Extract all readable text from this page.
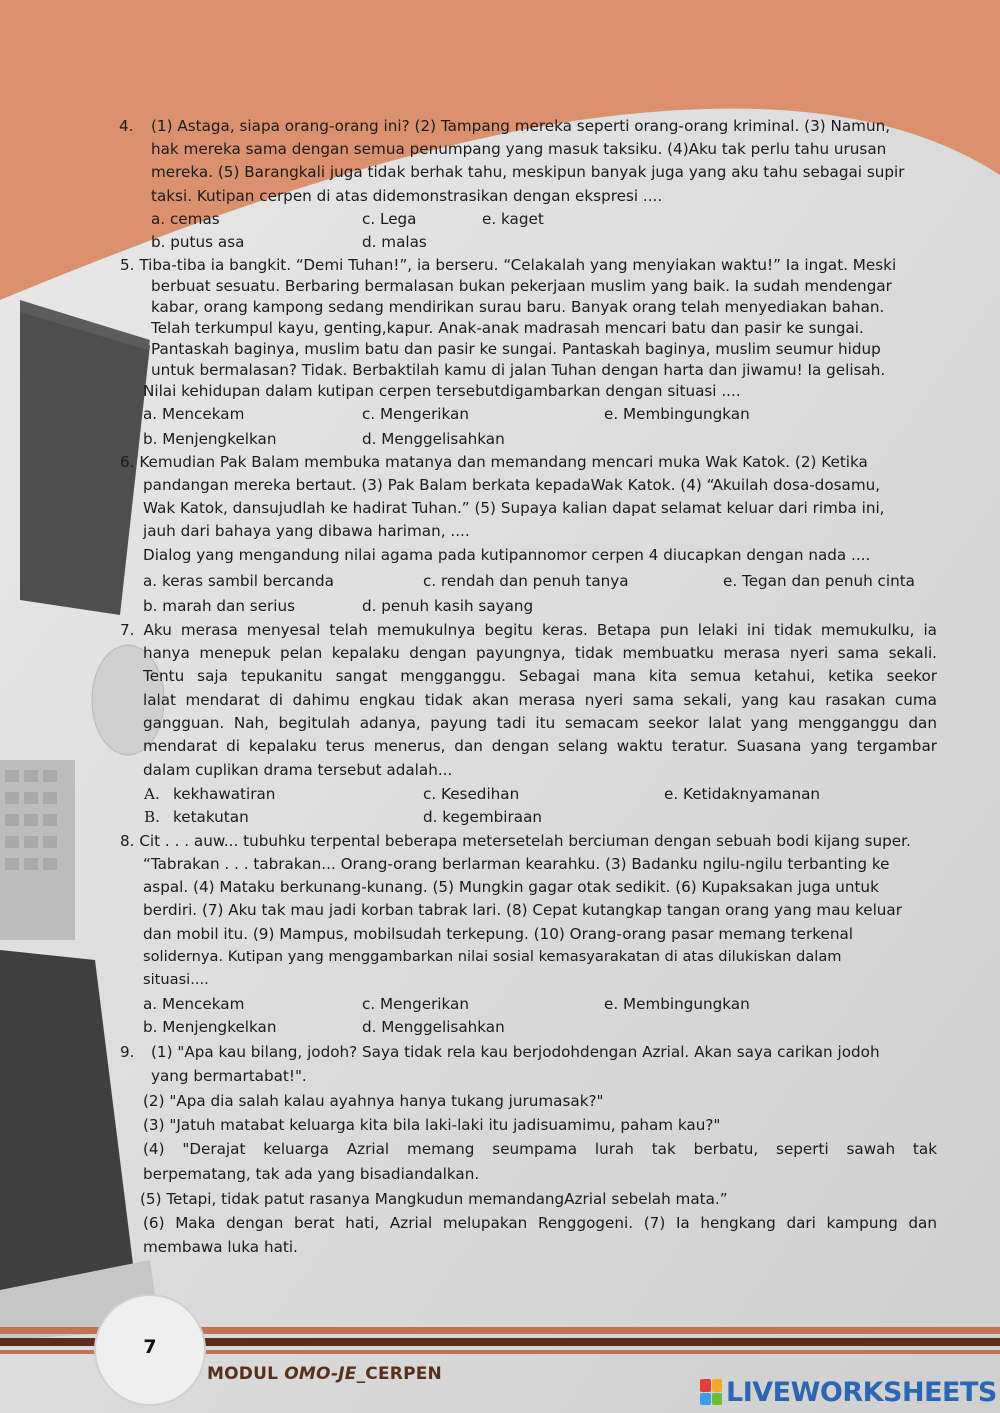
4. (1) Astaga, siapa orang-orang ini? (2) Tampang mereka seperti orang-orang kriminal. (3) Namun,
hak mereka sama dengan semua penumpang yang masuk taksiku. (4)Aku tak perlu tahu urusan
mereka. (5) Barangkali juga tidak berhak tahu, meskipun banyak juga yang aku tahu sebagai supir
taksi. Kutipan cerpen di atas didemonstrasikan dengan ekspresi ....
a. cemas	c. Lega	e. kaget
b. putus asa	d. malas
5. Tiba-tiba ia bangkit. “Demi Tuhan!”, ia berseru. “Celakalah yang menyiakan waktu!” Ia ingat. Meski
berbuat sesuatu. Berbaring bermalasan bukan pekerjaan muslim yang baik. Ia sudah mendengar
kabar, orang kampong sedang mendirikan surau baru. Banyak orang telah menyediakan bahan.
Telah terkumpul kayu, genting,kapur. Anak-anak madrasah mencari batu dan pasir ke sungai.
Pantaskah baginya, muslim batu dan pasir ke sungai. Pantaskah baginya, muslim seumur hidup
untuk bermalasan? Tidak. Berbaktilah kamu di jalan Tuhan dengan harta dan jiwamu! Ia gelisah.
Nilai kehidupan dalam kutipan cerpen tersebutdigambarkan dengan situasi ....
a. Mencekam	c. Mengerikan	e. Membingungkan
b. Menjengkelkan	d. Menggelisahkan
6. Kemudian Pak Balam membuka matanya dan memandang mencari muka Wak Katok. (2) Ketika
pandangan mereka bertaut. (3) Pak Balam berkata kepadaWak Katok. (4) “Akuilah dosa-dosamu,
Wak Katok, dansujudlah ke hadirat Tuhan.” (5) Supaya kalian dapat selamat keluar dari rimba ini,
jauh dari bahaya yang dibawa hariman, ....
Dialog yang mengandung nilai agama pada kutipannomor cerpen 4 diucapkan dengan nada ....
a. keras sambil bercanda	c. rendah dan penuh tanya	e. Tegan dan penuh cinta
b. marah dan serius	d. penuh kasih sayang
7. Aku merasa menyesal telah memukulnya begitu keras. Betapa pun lelaki ini tidak memukulku, ia
hanya menepuk pelan kepalaku dengan payungnya, tidak membuatku merasa nyeri sama sekali.
Tentu saja tepukanitu sangat mengganggu. Sebagai mana kita semua ketahui, ketika seekor
lalat mendarat di dahimu engkau tidak akan merasa nyeri sama sekali, yang kau rasakan cuma
gangguan. Nah, begitulah adanya, payung tadi itu semacam seekor lalat yang mengganggu dan
mendarat di kepalaku terus menerus, dan dengan selang waktu teratur. Suasana yang tergambar
dalam cuplikan drama tersebut adalah...
A. kekhawatiran	c. Kesedihan	e. Ketidaknyamanan
B. ketakutan	d. kegembiraan
8. Cit . . . auw... tubuhku terpental beberapa metersetelah berciuman dengan sebuah bodi kijang super.
“Tabrakan . . . tabrakan... Orang-orang berlarman kearahku. (3) Badanku ngilu-ngilu terbanting ke
aspal. (4) Mataku berkunang-kunang. (5) Mungkin gagar otak sedikit. (6) Kupaksakan juga untuk
berdiri. (7) Aku tak mau jadi korban tabrak lari. (8) Cepat kutangkap tangan orang yang mau keluar
dan mobil itu. (9) Mampus, mobilsudah terkepung. (10) Orang-orang pasar memang terkenal
solidernya. Kutipan yang menggambarkan nilai sosial kemasyarakatan di atas dilukiskan dalam
situasi....
a. Mencekam	c. Mengerikan	e. Membingungkan
b. Menjengkelkan	d. Menggelisahkan
9. (1) "Apa kau bilang, jodoh? Saya tidak rela kau berjodohdengan Azrial. Akan saya carikan jodoh
yang bermartabat!".
(2) "Apa dia salah kalau ayahnya hanya tukang jurumasak?"
(3) "Jatuh matabat keluarga kita bila laki-laki itu jadisuamimu, paham kau?"
(4) "Derajat keluarga Azrial memang seumpama lurah tak berbatu, seperti sawah tak
berpematang, tak ada yang bisadiandalkan.
(5) Tetapi, tidak patut rasanya Mangkudun memandangAzrial sebelah mata.”
(6) Maka dengan berat hati, Azrial melupakan Renggogeni. (7) Ia hengkang dari kampung dan
membawa luka hati.
7
MODUL OMO-JE_CERPEN
LIVEWORKSHEETS
